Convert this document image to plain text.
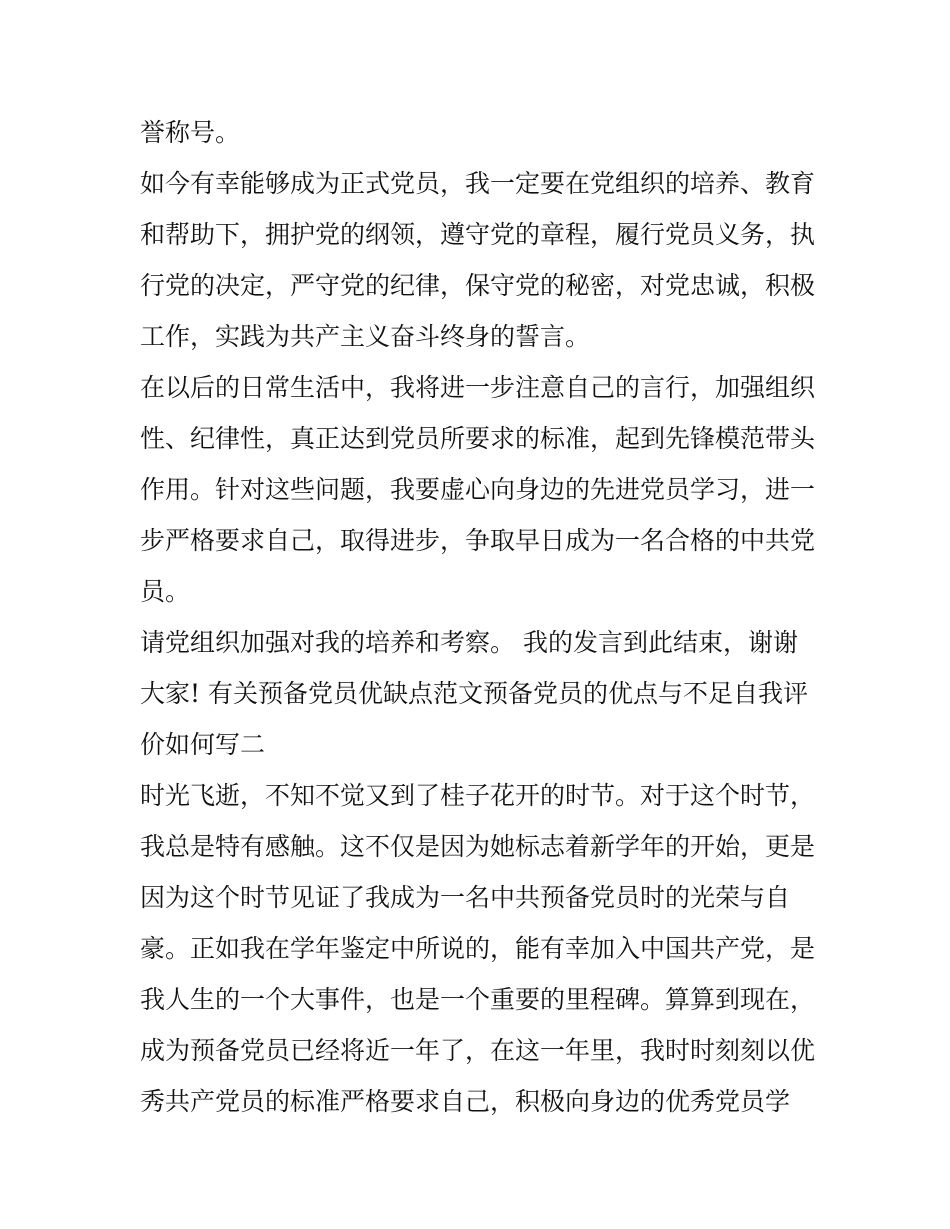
誉称号。
如今有幸能够成为正式党员，我一定要在党组织的培养、教育
和帮助下，拥护党的纲领，遵守党的章程，履行党员义务，执
行党的决定，严守党的纪律，保守党的秘密，对党忠诚，积极
工作，实践为共产主义奋斗终身的誓言。
在以后的日常生活中，我将进一步注意自己的言行，加强组织
性、纪律性，真正达到党员所要求的标准，起到先锋模范带头
作用。针对这些问题，我要虚心向身边的先进党员学习，进一
步严格要求自己，取得进步，争取早日成为一名合格的中共党
员。
请党组织加强对我的培养和考察。 我的发言到此结束，谢谢
大家! 有关预备党员优缺点范文预备党员的优点与不足自我评
价如何写二
时光飞逝，不知不觉又到了桂子花开的时节。对于这个时节，
我总是特有感触。这不仅是因为她标志着新学年的开始，更是
因为这个时节见证了我成为一名中共预备党员时的光荣与自
豪。正如我在学年鉴定中所说的，能有幸加入中国共产党，是
我人生的一个大事件，也是一个重要的里程碑。算算到现在，
成为预备党员已经将近一年了，在这一年里，我时时刻刻以优
秀共产党员的标准严格要求自己，积极向身边的优秀党员学
